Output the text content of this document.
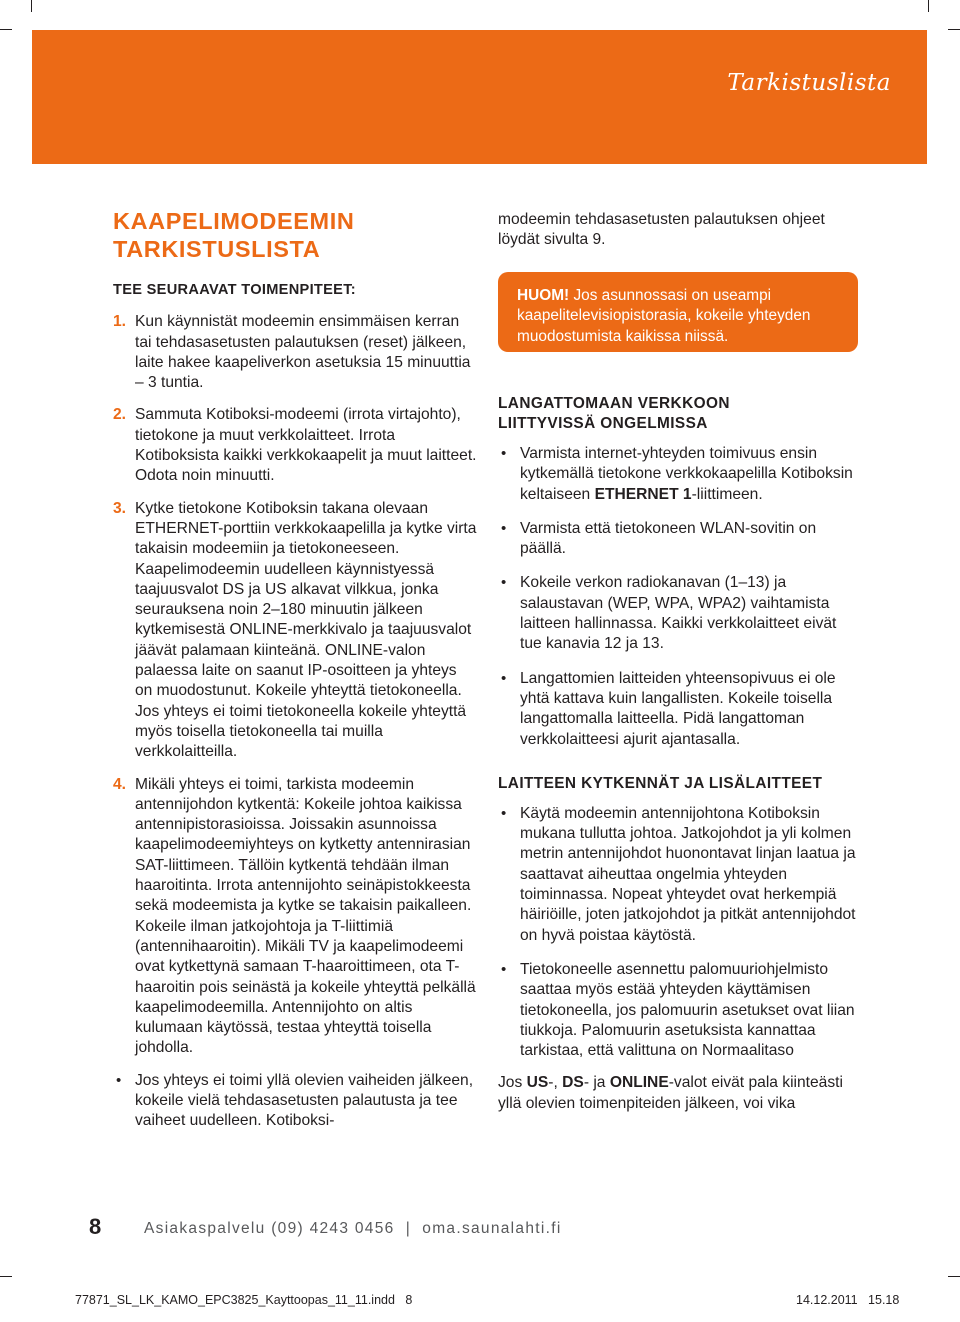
Tarkistuslista

KAAPELIMODEEMIN

TARKISTUSLISTA

TEE SEURAAVAT TOIMENPITEET:

1. Kun käynnistät modeemin ensimmäisen kerran tai tehdasasetusten palautuksen (reset) jälkeen, laite hakee kaapeliverkon asetuksia 15 minuuttia – 3 tuntia.
2. Sammuta Kotiboksi-modeemi (irrota virtajohto), tietokone ja muut verkkolaitteet. Irrota Kotiboksista kaikki verkkokaapelit ja muut laitteet. Odota noin minuutti.
3. Kytke tietokone Kotiboksin takana olevaan ETHERNET-porttiin verkkokaapelilla ja kytke virta takaisin modeemiin ja tietokoneeseen. Kaapelimodeemin uudelleen käynnistyessä taajuusvalot DS ja US alkavat vilkkua, jonka seurauksena noin 2–180 minuutin jälkeen kytkemisestä ONLINE-merkkivalo ja taajuusvalot jäävät palamaan kiinteänä. ONLINE-valon palaessa laite on saanut IP-osoitteen ja yhteys on muodostunut. Kokeile yhteyttä tietokoneella. Jos yhteys ei toimi tietokoneella kokeile yhteyttä myös toisella tietokoneella tai muilla verkkolaitteilla.
4. Mikäli yhteys ei toimi, tarkista modeemin antennijohdon kytkentä: Kokeile johtoa kaikissa antennipistorasioissa. Joissakin asunnoissa kaapelimodeemiyhteys on kytketty antennirasian SAT-liittimeen. Tällöin kytkentä tehdään ilman haaroitinta. Irrota antennijohto seinäpistokkeesta sekä modeemista ja kytke se takaisin paikalleen. Kokeile ilman jatkojohtoja ja T-liittimiä (antennihaaroitin). Mikäli TV ja kaapelimodeemi ovat kytkettynä samaan T-haaroittimeen, ota T-haaroitin pois seinästä ja kokeile yhteyttä pelkällä kaapelimodeemilla. Antennijohto on altis kulumaan käytössä, testaa yhteyttä toisella johdolla.
• Jos yhteys ei toimi yllä olevien vaiheiden jälkeen, kokeile vielä tehdasasetusten palautusta ja tee vaiheet uudelleen. Kotiboksi-

modeemin tehdasasetusten palautuksen ohjeet löydät sivulta 9.

HUOM! Jos asunnossasi on useampi kaapelitelevisiopistorasia, kokeile yhteyden muodostumista kaikissa niissä.

LANGATTOMAAN VERKKOON

LIITTYVISSÄ ONGELMISSA

• Varmista internet-yhteyden toimivuus ensin kytkemällä tietokone verkkokaapelilla Kotiboksin keltaiseen ETHERNET 1-liittimeen.
• Varmista että tietokoneen WLAN-sovitin on päällä.
• Kokeile verkon radiokanavan (1–13) ja salaustavan (WEP, WPA, WPA2) vaihtamista laitteen hallinnassa. Kaikki verkkolaitteet eivät tue kanavia 12 ja 13.
• Langattomien laitteiden yhteensopivuus ei ole yhtä kattava kuin langallisten. Kokeile toisella langattomalla laitteella. Pidä langattoman verkkolaitteesi ajurit ajantasalla.

LAITTEEN KYTKENNÄT JA LISÄLAITTEET

• Käytä modeemin antennijohtona Kotiboksin mukana tullutta johtoa. Jatkojohdot ja yli kolmen metrin antennijohdot huonontavat linjan laatua ja saattavat aiheuttaa ongelmia yhteyden toiminnassa. Nopeat yhteydet ovat herkempiä häiriöille, joten jatkojohdot ja pitkät antennijohdot on hyvä poistaa käytöstä.
• Tietokoneelle asennettu palomuuriohjelmisto saattaa myös estää yhteyden käyttämisen tietokoneella, jos palomuurin asetukset ovat liian tiukkoja. Palomuurin asetuksista kannattaa tarkistaa, että valittuna on Normaalitaso

Jos US-, DS- ja ONLINE-valot eivät pala kiinteästi yllä olevien toimenpiteiden jälkeen, voi vika

8	Asiakaspalvelu (09) 4243 0456  |  oma.saunalahti.fi
77871_SL_LK_KAMO_EPC3825_Kayttoopas_11_11.indd   8	14.12.2011   15.18
